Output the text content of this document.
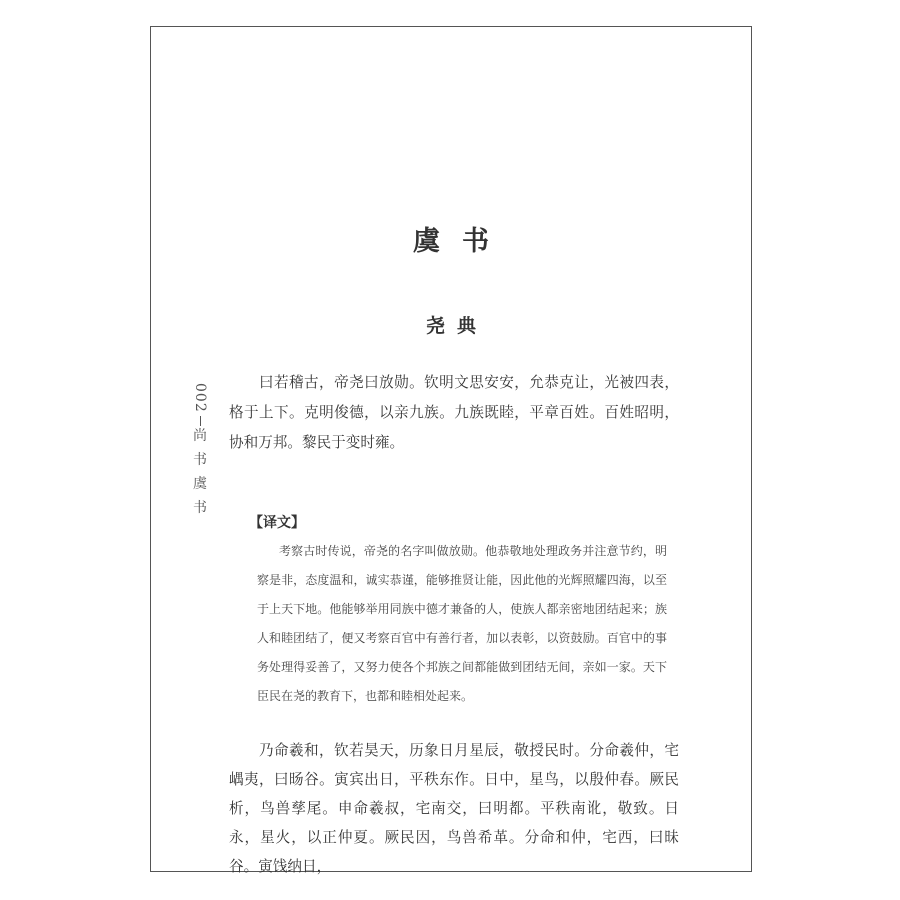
虞书
尧典
002
尚
书
虞
书
曰若稽古，帝尧曰放勋。钦明文思安安，允恭克让，光被四表，格于上下。克明俊德，以亲九族。九族既睦，平章百姓。百姓昭明，协和万邦。黎民于变时雍。
【译文】
考察古时传说，帝尧的名字叫做放勋。他恭敬地处理政务并注意节约，明察是非，态度温和，诚实恭谨，能够推贤让能，因此他的光辉照耀四海，以至于上天下地。他能够举用同族中德才兼备的人，使族人都亲密地团结起来；族人和睦团结了，便又考察百官中有善行者，加以表彰，以资鼓励。百官中的事务处理得妥善了，又努力使各个邦族之间都能做到团结无间，亲如一家。天下臣民在尧的教育下，也都和睦相处起来。
乃命羲和，钦若昊天，历象日月星辰，敬授民时。分命羲仲，宅嵎夷，曰旸谷。寅宾出日，平秩东作。日中，星鸟，以殷仲春。厥民析，鸟兽孳尾。申命羲叔，宅南交，曰明都。平秩南讹，敬致。日永，星火，以正仲夏。厥民因，鸟兽希革。分命和仲，宅西，曰昧谷。寅饯纳日，
